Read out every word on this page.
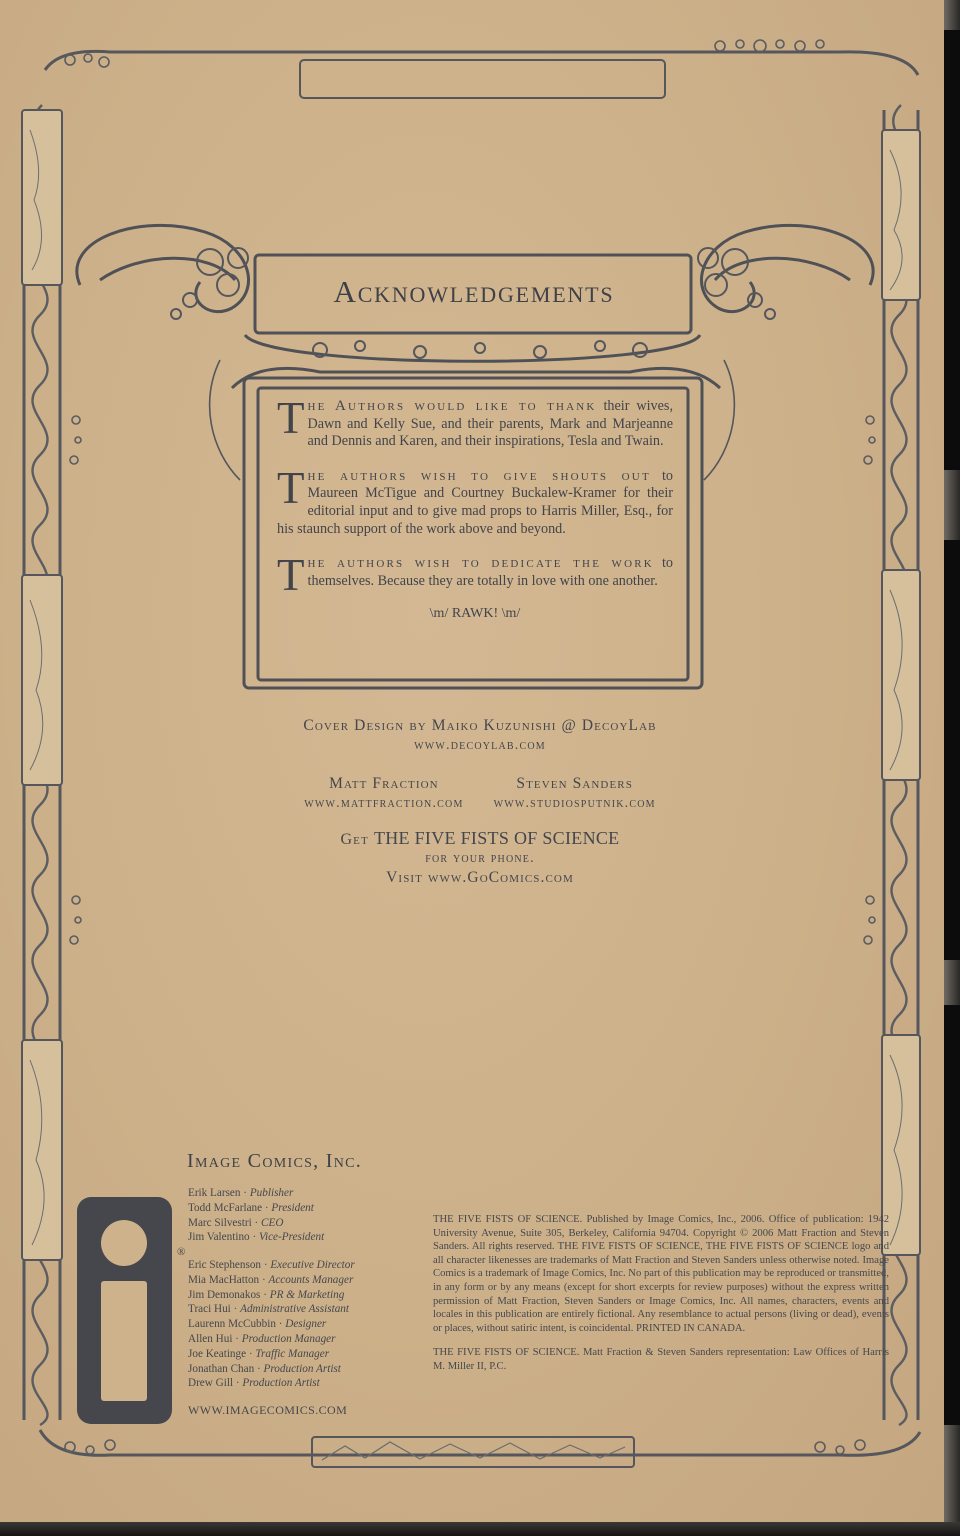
Acknowledgements

T he Authors would like to thank their wives, Dawn and Kelly Sue, and their parents, Mark and Marjeanne and Dennis and Karen, and their inspirations, Tesla and Twain.

T he authors wish to give shouts out to Maureen McTigue and Courtney Buckalew-Kramer for their editorial input and to give mad props to Harris Miller, Esq., for his staunch support of the work above and beyond.

T he authors wish to dedicate the work to themselves. Because they are totally in love with one another.

\m/ RAWK! \m/
Cover Design by Maiko Kuzunishi @ DecoyLab
www.decoylab.com
Matt Fraction
www.mattfraction.com
Steven Sanders
www.studiosputnik.com
Get THE FIVE FISTS OF SCIENCE
for your phone.
Visit www.GoComics.com
Image Comics, Inc.
Erik Larsen · Publisher
Todd McFarlane · President
Marc Silvestri · CEO
Jim Valentino · Vice-President
Eric Stephenson · Executive Director
Mia MacHatton · Accounts Manager
Jim Demonakos · PR & Marketing
Traci Hui · Administrative Assistant
Laurenn McCubbin · Designer
Allen Hui · Production Manager
Joe Keatinge · Traffic Manager
Jonathan Chan · Production Artist
Drew Gill · Production Artist
WWW.IMAGECOMICS.COM
®

THE FIVE FISTS OF SCIENCE. Published by Image Comics, Inc., 2006. Office of publication: 1942 University Avenue, Suite 305, Berkeley, California 94704. Copyright © 2006 Matt Fraction and Steven Sanders. All rights reserved. THE FIVE FISTS OF SCIENCE, THE FIVE FISTS OF SCIENCE logo and all character likenesses are trademarks of Matt Fraction and Steven Sanders unless otherwise noted. Image Comics is a trademark of Image Comics, Inc. No part of this publication may be reproduced or transmitted, in any form or by any means (except for short excerpts for review purposes) without the express written permission of Matt Fraction, Steven Sanders or Image Comics, Inc. All names, characters, events and locales in this publication are entirely fictional. Any resemblance to actual persons (living or dead), events or places, without satiric intent, is coincidental. PRINTED IN CANADA.

THE FIVE FISTS OF SCIENCE. Matt Fraction & Steven Sanders representation: Law Offices of Harris M. Miller II, P.C.
